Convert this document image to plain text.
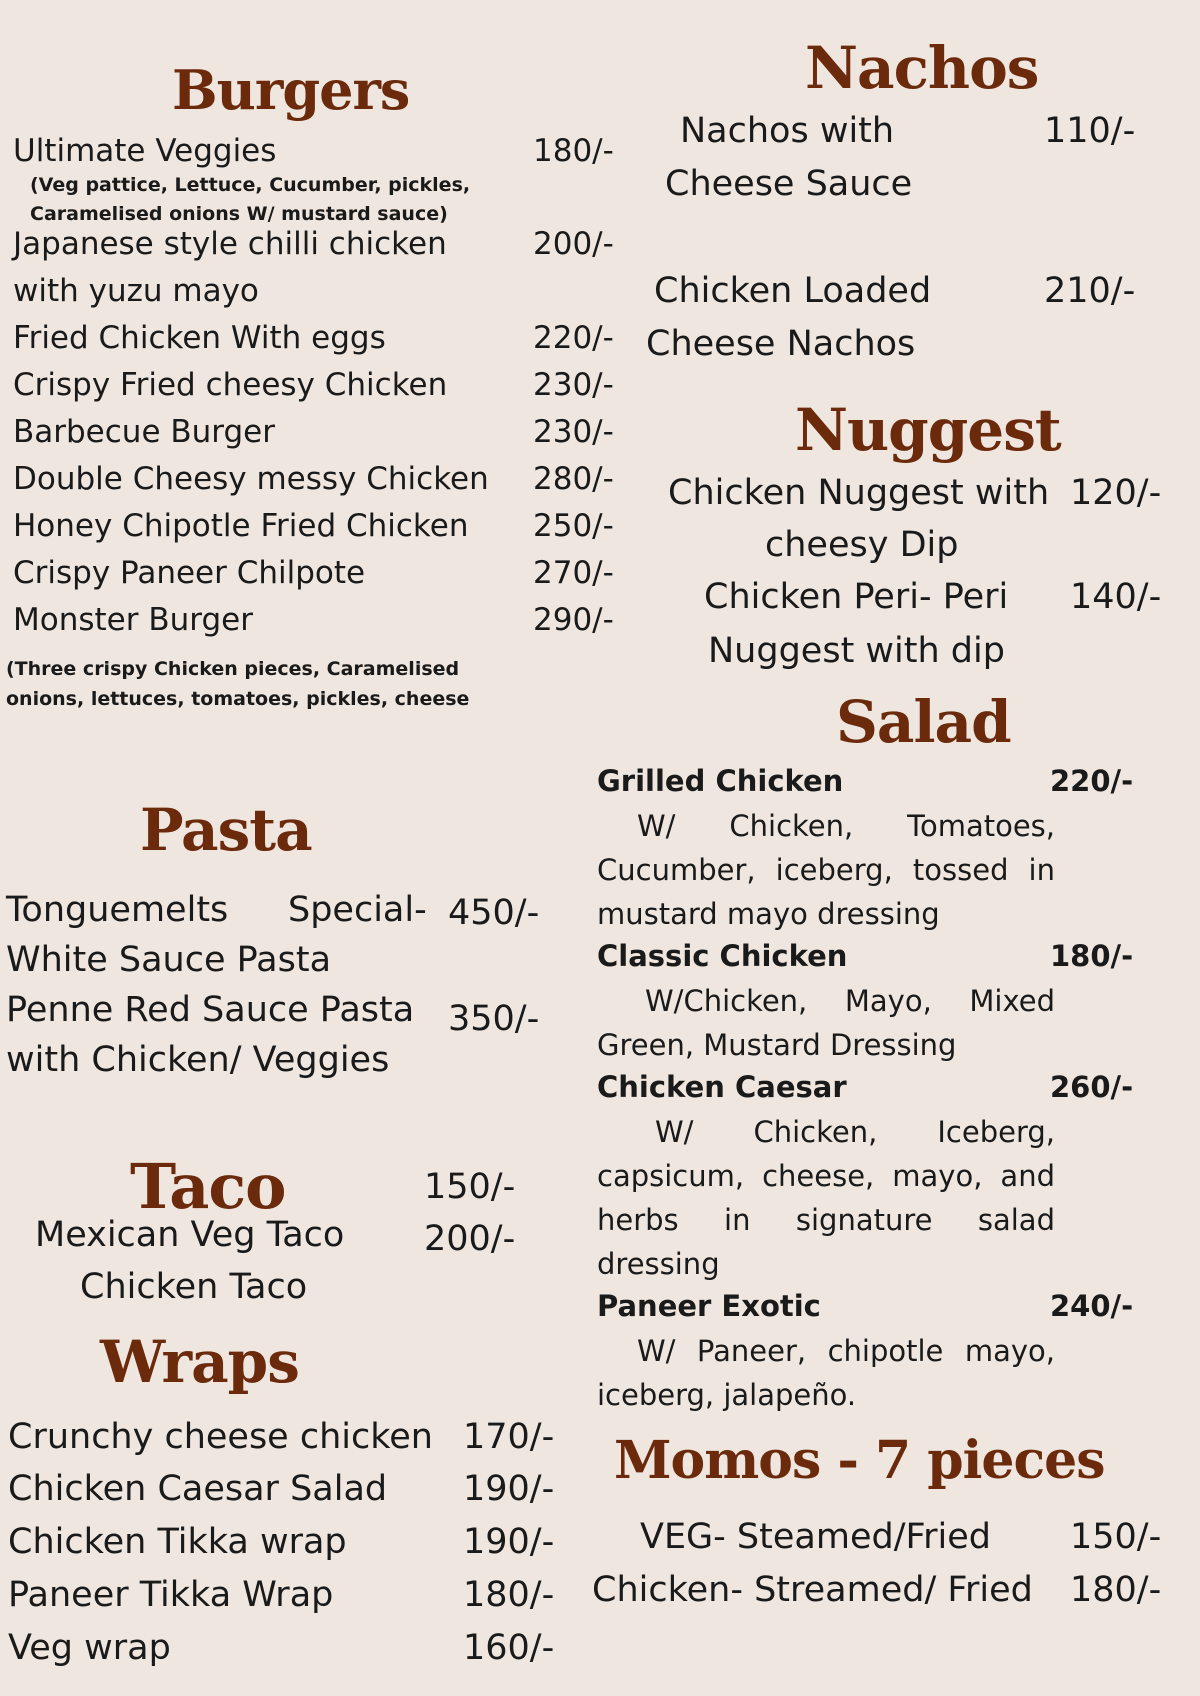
Burgers
Ultimate Veggies	180/-
(Veg pattice, Lettuce, Cucumber, pickles,
Caramelised onions W/ mustard sauce)
Japanese style chilli chicken	200/-
with yuzu mayo
Fried Chicken With eggs	220/-
Crispy Fried cheesy Chicken	230/-
Barbecue Burger	230/-
Double Cheesy messy Chicken 280/-
Honey Chipotle Fried Chicken 250/-
Crispy Paneer Chilpote	270/-
Monster Burger	290/-
(Three crispy Chicken pieces, Caramelised
onions, lettuces, tomatoes, pickles, cheese
Pasta
Tonguemelts Special- 450/-
White Sauce Pasta
Penne Red Sauce Pasta 350/-
with Chicken/ Veggies
Taco	150/-
Mexican Veg Taco 200/-
Chicken Taco
Wraps
Crunchy cheese chicken 170/-
Chicken Caesar Salad 190/-
Chicken Tikka wrap	190/-
Paneer Tikka Wrap	180/-
Veg wrap	160/-
Nachos
Nachos with	110/-
Cheese Sauce
Chicken Loaded	210/-
Cheese Nachos
Nuggest
Chicken Nuggest with 120/-
cheesy Dip
Chicken Peri- Peri 140/-
Nuggest with dip
Salad
Grilled Chicken	220/-
W/ Chicken, Tomatoes, Cucumber, iceberg, tossed in mustard mayo dressing
Classic Chicken	180/-
W/Chicken, Mayo, Mixed Green, Mustard Dressing
Chicken Caesar	260/-
W/ Chicken, Iceberg, capsicum, cheese, mayo, and herbs in signature salad dressing
Paneer Exotic	240/-
W/ Paneer, chipotle mayo, iceberg, jalapeño.
Momos - 7 pieces
VEG- Steamed/Fried 150/-
Chicken- Streamed/ Fried 180/-
